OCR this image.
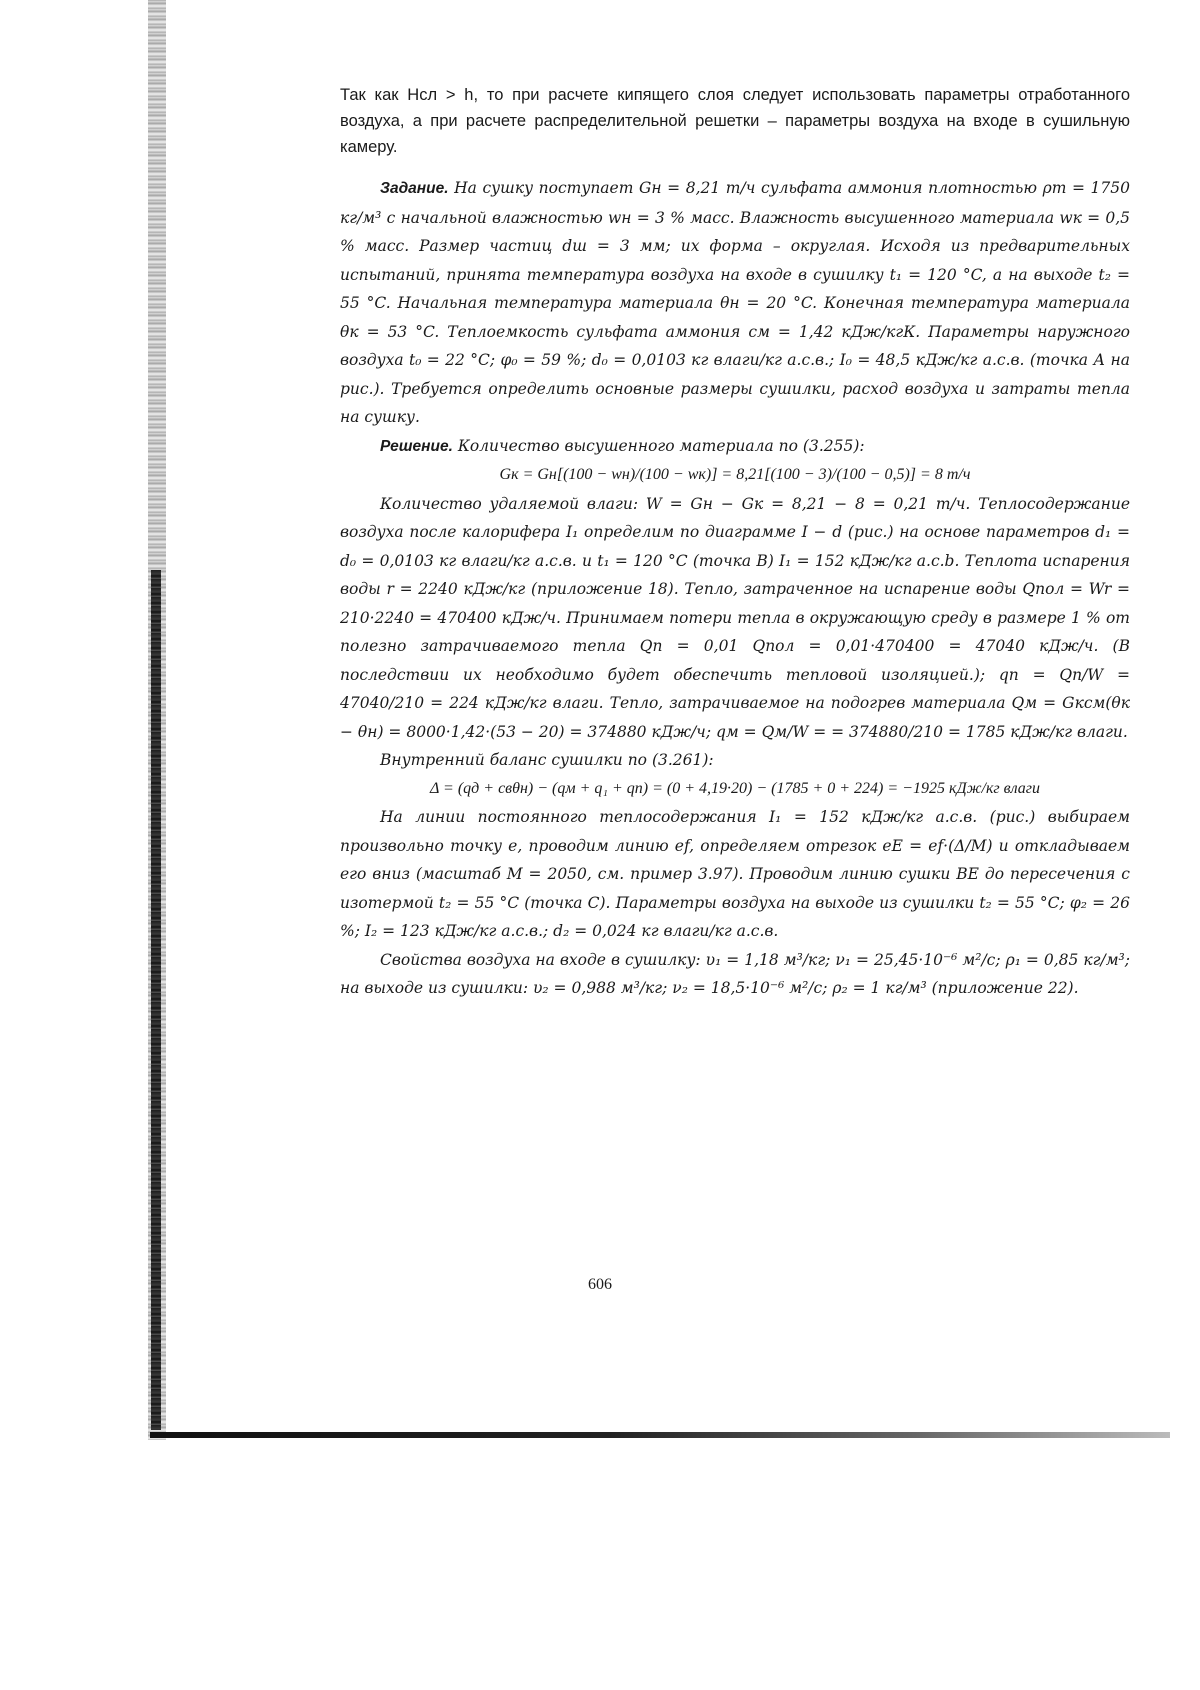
Так как Hсл > h, то при расчете кипящего слоя следует использовать параметры отработанного воздуха, а при расчете распределительной решетки – параметры воздуха на входе в сушильную камеру.

Задание. На сушку поступает Gн = 8,21 т/ч сульфата аммония плотностью ρт = 1750 кг/м³ с начальной влажностью wн = 3 % масс. Влажность высушенного материала wк = 0,5 % масс. Размер частиц dш = 3 мм; их форма – округлая. Исходя из предварительных испытаний, принята температура воздуха на входе в сушилку t₁ = 120 °C, а на выходе t₂ = 55 °C. Начальная температура материала θн = 20 °C. Конечная температура материала θк = 53 °C. Теплоемкость сульфата аммония cм = 1,42 кДж/кгК. Параметры наружного воздуха t₀ = 22 °C; φ₀ = 59 %; d₀ = 0,0103 кг влаги/кг а.с.в.; I₀ = 48,5 кДж/кг а.с.в. (точка А на рис.). Требуется определить основные размеры сушилки, расход воздуха и затраты тепла на сушку.

Решение. Количество высушенного материала по (3.255):

Gк = Gн[(100 − wн)/(100 − wк)] = 8,21[(100 − 3)/(100 − 0,5)] = 8 т/ч

Количество удаляемой влаги: W = Gн − Gк = 8,21 − 8 = 0,21 т/ч. Теплосодержание воздуха после калорифера I₁ определим по диаграмме I − d (рис.) на основе параметров d₁ = d₀ = 0,0103 кг влаги/кг а.с.в. и t₁ = 120 °C (точка В) I₁ = 152 кДж/кг а.с.b. Теплота испарения воды r = 2240 кДж/кг (приложение 18). Тепло, затраченное на испарение воды Qпол = Wr = 210·2240 = 470400 кДж/ч. Принимаем потери тепла в окружающую среду в размере 1 % от полезно затрачиваемого тепла Qп = 0,01 Qпол = 0,01·470400 = 47040 кДж/ч. (В последствии их необходимо будет обеспечить тепловой изоляцией.); qп = Qп/W = 47040/210 = 224 кДж/кг влаги. Тепло, затрачиваемое на подогрев материала Qм = Gкcм(θк − θн) = 8000·1,42·(53 − 20) = 374880 кДж/ч; qм = Qм/W = = 374880/210 = 1785 кДж/кг влаги.

Внутренний баланс сушилки по (3.261):

Δ = (qд + cвθн) − (qм + q₁ + qп) = (0 + 4,19·20) − (1785 + 0 + 224) = −1925 кДж/кг влаги

На линии постоянного теплосодержания I₁ = 152 кДж/кг а.с.в. (рис.) выбираем произвольно точку е, проводим линию ef, определяем отрезок eE = ef·(Δ/M) и откладываем его вниз (масштаб М = 2050, см. пример 3.97). Проводим линию сушки ВЕ до пересечения с изотермой t₂ = 55 °C (точка С). Параметры воздуха на выходе из сушилки t₂ = 55 °C; φ₂ = 26 %; I₂ = 123 кДж/кг а.с.в.; d₂ = 0,024 кг влаги/кг а.с.в.

Свойства воздуха на входе в сушилку: υ₁ = 1,18 м³/кг; ν₁ = 25,45·10⁻⁶ м²/с; ρ₁ = 0,85 кг/м³; на выходе из сушилки: υ₂ = 0,988 м³/кг; ν₂ = 18,5·10⁻⁶ м²/с; ρ₂ = 1 кг/м³ (приложение 22).

606
